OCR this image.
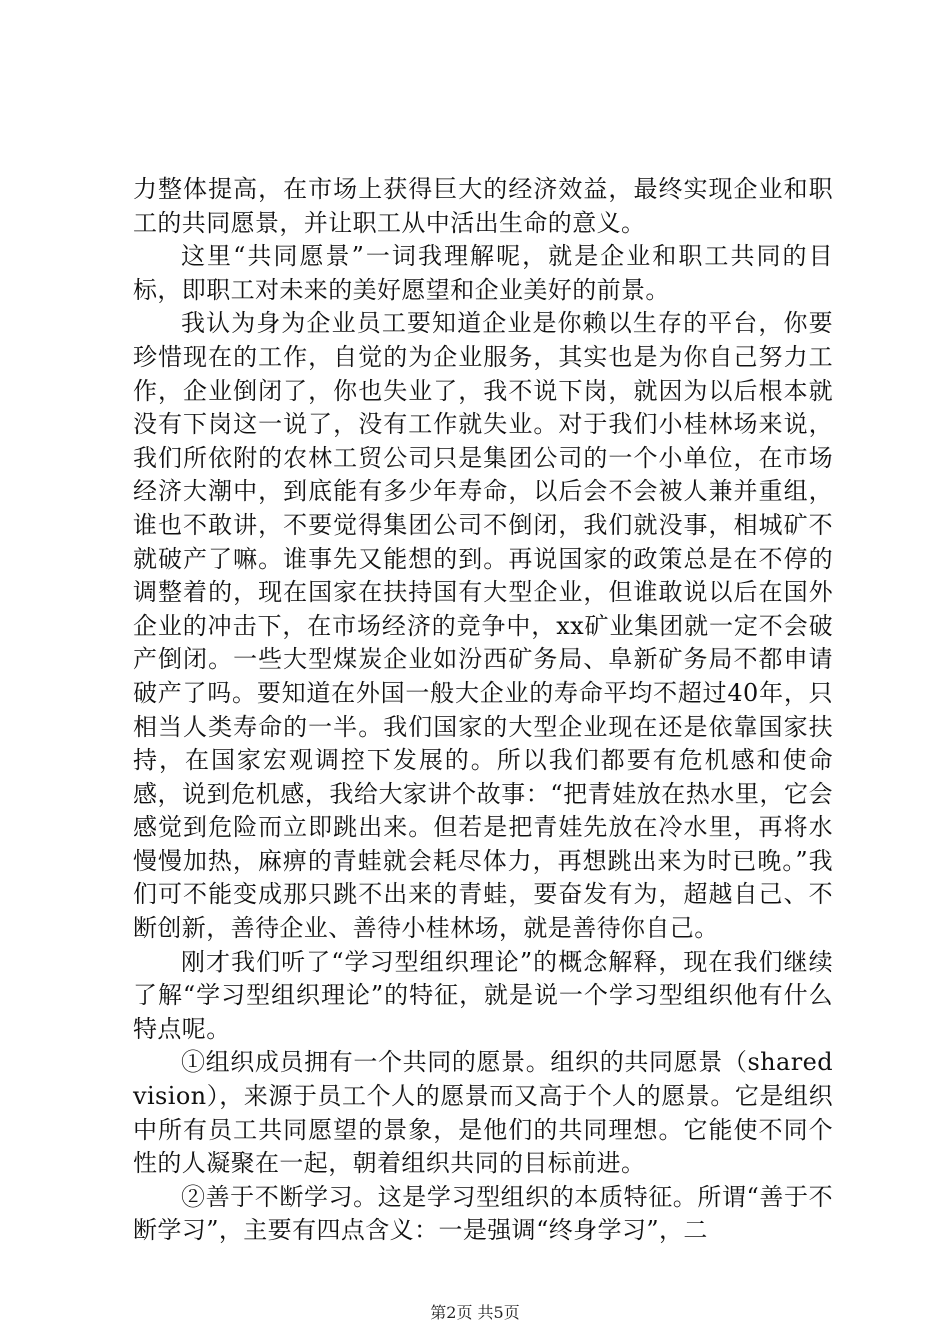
力整体提高，在市场上获得巨大的经济效益，最终实现企业和职工的共同愿景，并让职工从中活出生命的意义。

这里“共同愿景”一词我理解呢，就是企业和职工共同的目标，即职工对未来的美好愿望和企业美好的前景。

我认为身为企业员工要知道企业是你赖以生存的平台，你要珍惜现在的工作，自觉的为企业服务，其实也是为你自己努力工作，企业倒闭了，你也失业了，我不说下岗，就因为以后根本就没有下岗这一说了，没有工作就失业。对于我们小桂林场来说，我们所依附的农林工贸公司只是集团公司的一个小单位，在市场经济大潮中，到底能有多少年寿命，以后会不会被人兼并重组，谁也不敢讲，不要觉得集团公司不倒闭，我们就没事，相城矿不就破产了嘛。谁事先又能想的到。再说国家的政策总是在不停的调整着的，现在国家在扶持国有大型企业，但谁敢说以后在国外企业的冲击下，在市场经济的竞争中，xx矿业集团就一定不会破产倒闭。一些大型煤炭企业如汾西矿务局、阜新矿务局不都申请破产了吗。要知道在外国一般大企业的寿命平均不超过40年，只相当人类寿命的一半。我们国家的大型企业现在还是依靠国家扶持，在国家宏观调控下发展的。所以我们都要有危机感和使命感，说到危机感，我给大家讲个故事：“把青娃放在热水里，它会感觉到危险而立即跳出来。但若是把青娃先放在冷水里，再将水慢慢加热，麻痹的青蛙就会耗尽体力，再想跳出来为时已晚。”我们可不能变成那只跳不出来的青蛙，要奋发有为，超越自己、不断创新，善待企业、善待小桂林场，就是善待你自己。

刚才我们听了“学习型组织理论”的概念解释，现在我们继续了解“学习型组织理论”的特征，就是说一个学习型组织他有什么特点呢。

①组织成员拥有一个共同的愿景。组织的共同愿景（sharedvision），来源于员工个人的愿景而又高于个人的愿景。它是组织中所有员工共同愿望的景象，是他们的共同理想。它能使不同个性的人凝聚在一起，朝着组织共同的目标前进。

②善于不断学习。这是学习型组织的本质特征。所谓“善于不断学习”，主要有四点含义：一是强调“终身学习”，二

第2页 共5页
